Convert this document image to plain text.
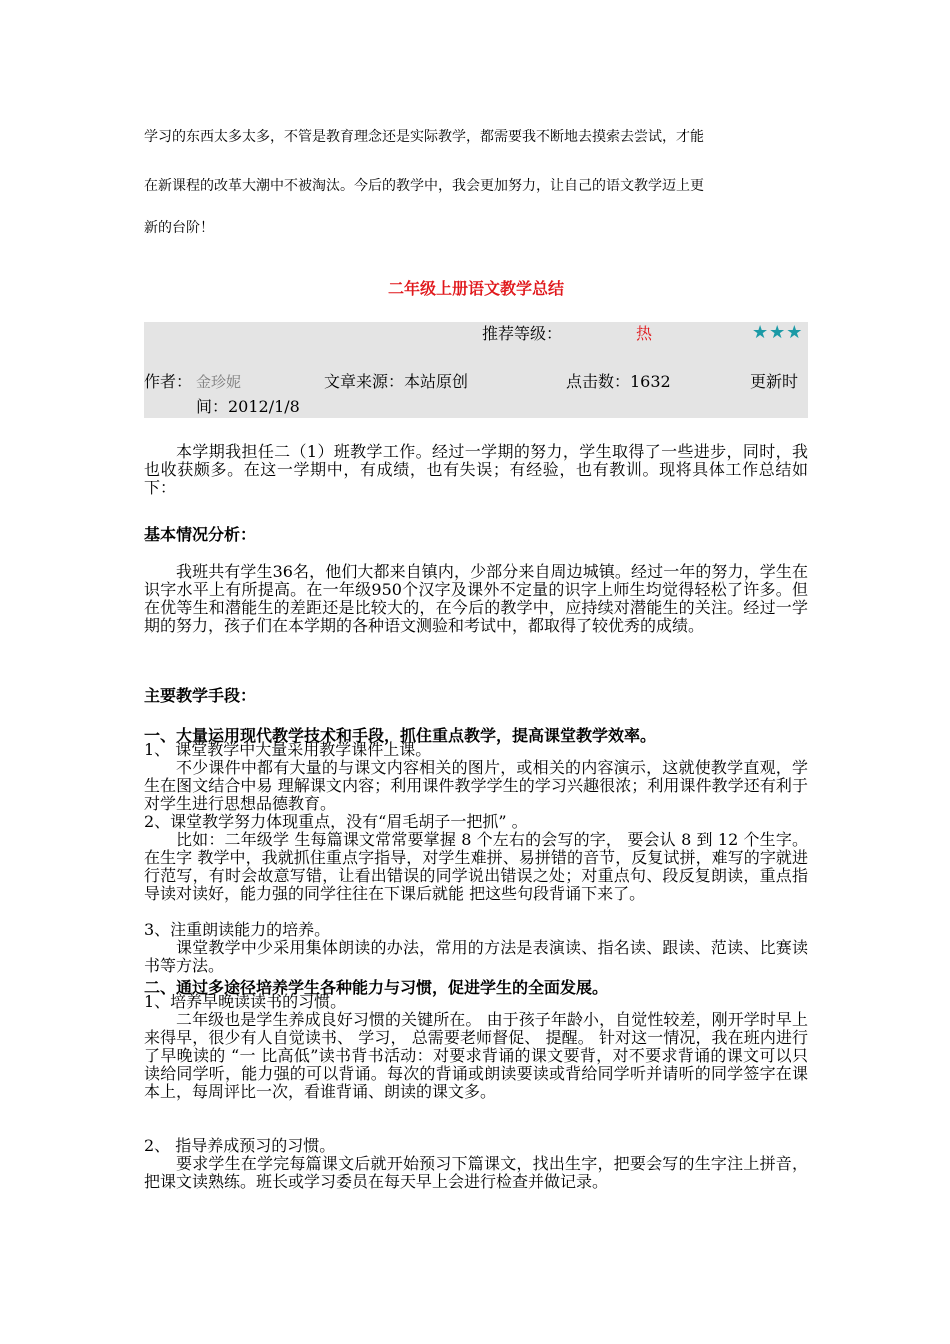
学习的东西太多太多，不管是教育理念还是实际教学，都需要我不断地去摸索去尝试，才能
在新课程的改革大潮中不被淘汰。今后的教学中，我会更加努力，让自己的语文教学迈上更
新的台阶！
二年级上册语文教学总结
推荐等级：	热	★★★
作者： 金珍妮	文章来源：本站原创	点击数：1632	更新时
间：2012/1/8
本学期我担任二（1）班教学工作。经过一学期的努力，学生取得了一些进步，同时，我也收获颇多。在这一学期中，有成绩，也有失误；有经验，也有教训。现将具体工作总结如下：
基本情况分析：
我班共有学生36名，他们大都来自镇内，少部分来自周边城镇。经过一年的努力，学生在识字水平上有所提高。在一年级950个汉字及课外不定量的识字上师生均觉得轻松了许多。但在优等生和潜能生的差距还是比较大的，在今后的教学中，应持续对潜能生的关注。经过一学期的努力，孩子们在本学期的各种语文测验和考试中，都取得了较优秀的成绩。
主要教学手段：
一、大量运用现代教学技术和手段，抓住重点教学，提高课堂教学效率。
1、 课堂教学中大量采用教学课件上课。
不少课件中都有大量的与课文内容相关的图片，或相关的内容演示，这就使教学直观，学生在图文结合中易 理解课文内容；利用课件教学学生的学习兴趣很浓；利用课件教学还有利于对学生进行思想品德教育。
2、课堂教学努力体现重点，没有“眉毛胡子一把抓” 。
比如：二年级学 生每篇课文常常要掌握 8 个左右的会写的字， 要会认 8 到 12 个生字。 在生字 教学中，我就抓住重点字指导，对学生难拼、易拼错的音节，反复试拼，难写的字就进行范写，有时会故意写错，让看出错误的同学说出错误之处；对重点句、段反复朗读，重点指导读对读好，能力强的同学往往在下课后就能 把这些句段背诵下来了。
3、注重朗读能力的培养。
课堂教学中少采用集体朗读的办法，常用的方法是表演读、指名读、跟读、范读、比赛读书等方法。
二、通过多途径培养学生各种能力与习惯，促进学生的全面发展。
1、培养早晚读读书的习惯。
二年级也是学生养成良好习惯的关键所在。 由于孩子年龄小，自觉性较差，刚开学时早上来得早，很少有人自觉读书、 学习， 总需要老师督促、 提醒。 针对这一情况，我在班内进行了早晚读的 “一 比高低”读书背书活动：对要求背诵的课文要背，对不要求背诵的课文可以只读给同学听，能力强的可以背诵。每次的背诵或朗读要读或背给同学听并请听的同学签字在课本上，每周评比一次，看谁背诵、朗读的课文多。
2、 指导养成预习的习惯。
要求学生在学完每篇课文后就开始预习下篇课文，找出生字，把要会写的生字注上拼音，把课文读熟练。班长或学习委员在每天早上会进行检查并做记录。
